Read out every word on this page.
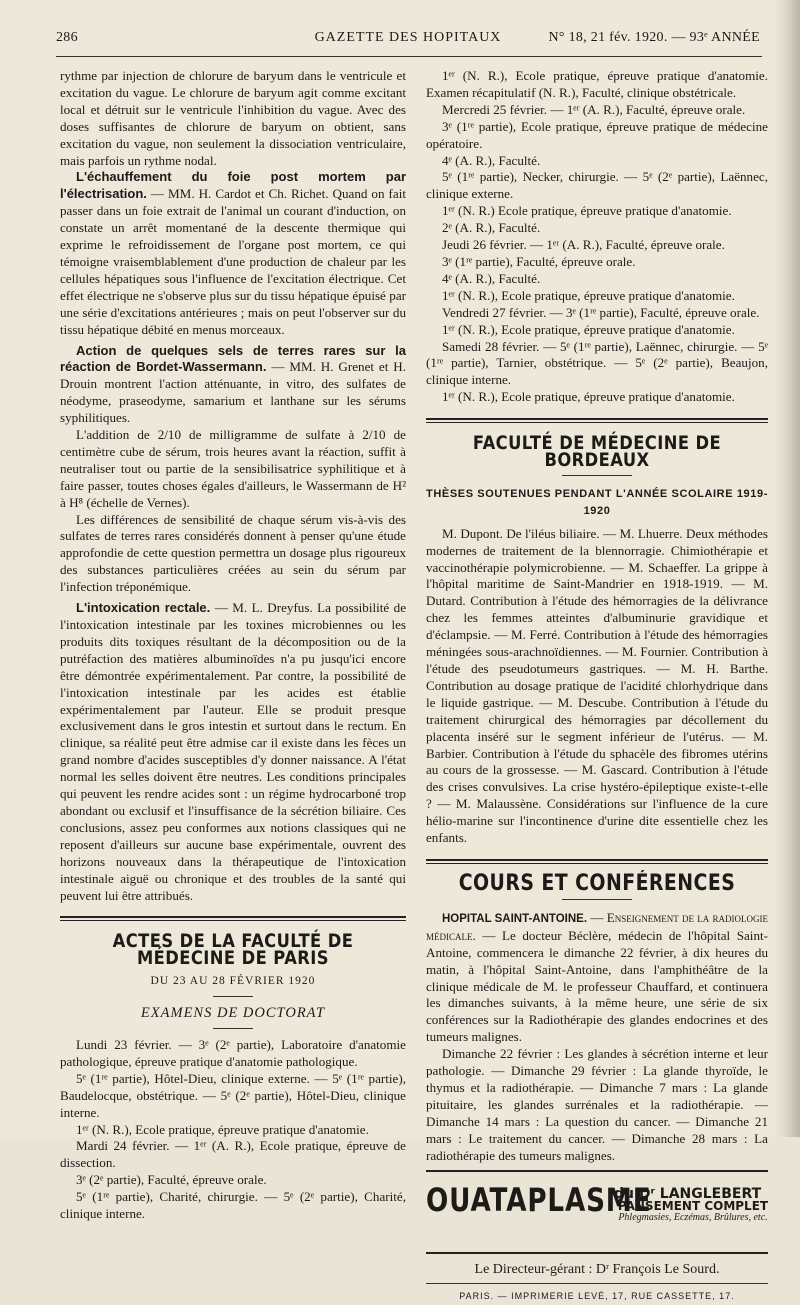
286	GAZETTE DES HOPITAUX	N° 18, 21 fév. 1920. — 93ᵉ ANNÉE

rythme par injection de chlorure de baryum dans le ventricule et excitation du vague. Le chlorure de baryum agit comme excitant local et détruit sur le ventricule l'inhibition du vague. Avec des doses suffisantes de chlorure de baryum on obtient, sans excitation du vague, non seulement la dissociation ventriculaire, mais parfois un rythme nodal.

L'échauffement du foie post mortem par l'électrisation. — MM. H. Cardot et Ch. Richet. Quand on fait passer dans un foie extrait de l'animal un courant d'induction, on constate un arrêt momentané de la descente thermique qui exprime le refroidissement de l'organe post mortem, ce qui témoigne vraisemblablement d'une production de chaleur par les cellules hépatiques sous l'influence de l'excitation électrique. Cet effet électrique ne s'observe plus sur du tissu hépatique épuisé par une série d'excitations antérieures ; mais on peut l'observer sur du tissu hépatique débité en menus morceaux.

Action de quelques sels de terres rares sur la réaction de Bordet-Wassermann. — MM. H. Grenet et H. Drouin montrent l'action atténuante, in vitro, des sulfates de néodyme, praseodyme, samarium et lanthane sur les sérums syphilitiques.

L'addition de 2/10 de milligramme de sulfate à 2/10 de centimètre cube de sérum, trois heures avant la réaction, suffit à neutraliser tout ou partie de la sensibilisatrice syphilitique et à faire passer, toutes choses égales d'ailleurs, le Wassermann de H² à H⁸ (échelle de Vernes).

Les différences de sensibilité de chaque sérum vis-à-vis des sulfates de terres rares considérés donnent à penser qu'une étude approfondie de cette question permettra un dosage plus rigoureux des substances particulières créées au sein du sérum par l'infection tréponémique.

L'intoxication rectale. — M. L. Dreyfus. La possibilité de l'intoxication intestinale par les toxines microbiennes ou les produits dits toxiques résultant de la décomposition ou de la putréfaction des matières albuminoïdes n'a pu jusqu'ici encore être démontrée expérimentalement. Par contre, la possibilité de l'intoxication intestinale par les acides est établie expérimentalement par l'auteur. Elle se produit presque exclusivement dans le gros intestin et surtout dans le rectum. En clinique, sa réalité peut être admise car il existe dans les fèces un grand nombre d'acides susceptibles d'y donner naissance. A l'état normal les selles doivent être neutres. Les conditions principales qui peuvent les rendre acides sont : un régime hydrocarboné trop abondant ou exclusif et l'insuffisance de la sécrétion biliaire. Ces conclusions, assez peu conformes aux notions classiques qui ne reposent d'ailleurs sur aucune base expérimentale, ouvrent des horizons nouveaux dans la thérapeutique de l'intoxication intestinale aiguë ou chronique et des troubles de la santé qui peuvent lui être attribués.

ACTES DE LA FACULTÉ DE MÉDECINE DE PARIS
DU 23 AU 28 FÉVRIER 1920
EXAMENS DE DOCTORAT

Lundi 23 février. — 3ᵉ (2ᵉ partie), Laboratoire d'anatomie pathologique, épreuve pratique d'anatomie pathologique.

5ᵉ (1ʳᵉ partie), Hôtel-Dieu, clinique externe. — 5ᵉ (1ʳᵉ partie), Baudelocque, obstétrique. — 5ᵉ (2ᵉ partie), Hôtel-Dieu, clinique interne.

1ᵉʳ (N. R.), Ecole pratique, épreuve pratique d'anatomie.

Mardi 24 février. — 1ᵉʳ (A. R.), Ecole pratique, épreuve de dissection.

3ᵉ (2ᵉ partie), Faculté, épreuve orale.

5ᵉ (1ʳᵉ partie), Charité, chirurgie. — 5ᵉ (2ᵉ partie), Charité, clinique interne.

1ᵉʳ (N. R.), Ecole pratique, épreuve pratique d'anatomie. Examen récapitulatif (N. R.), Faculté, clinique obstétricale.

Mercredi 25 février. — 1ᵉʳ (A. R.), Faculté, épreuve orale.

3ᵉ (1ʳᵉ partie), Ecole pratique, épreuve pratique de médecine opératoire.

4ᵉ (A. R.), Faculté.

5ᵉ (1ʳᵉ partie), Necker, chirurgie. — 5ᵉ (2ᵉ partie), Laënnec, clinique externe.

1ᵉʳ (N. R.) Ecole pratique, épreuve pratique d'anatomie.

2ᵉ (A. R.), Faculté.

Jeudi 26 février. — 1ᵉʳ (A. R.), Faculté, épreuve orale.

3ᵉ (1ʳᵉ partie), Faculté, épreuve orale.

4ᵉ (A. R.), Faculté.

1ᵉʳ (N. R.), Ecole pratique, épreuve pratique d'anatomie.

Vendredi 27 février. — 3ᵉ (1ʳᵉ partie), Faculté, épreuve orale.

1ᵉʳ (N. R.), Ecole pratique, épreuve pratique d'anatomie.

Samedi 28 février. — 5ᵉ (1ʳᵉ partie), Laënnec, chirurgie. — 5ᵉ (1ʳᵉ partie), Tarnier, obstétrique. — 5ᵉ (2ᵉ partie), Beaujon, clinique interne.

1ᵉʳ (N. R.), Ecole pratique, épreuve pratique d'anatomie.

FACULTÉ DE MÉDECINE DE BORDEAUX
THÈSES SOUTENUES PENDANT L'ANNÉE SCOLAIRE 1919-1920

M. Dupont. De l'iléus biliaire. — M. Lhuerre. Deux méthodes modernes de traitement de la blennorragie. Chimiothérapie et vaccinothérapie polymicrobienne. — M. Schaeffer. La grippe à l'hôpital maritime de Saint-Mandrier en 1918-1919. — M. Dutard. Contribution à l'étude des hémorragies de la délivrance chez les femmes atteintes d'albuminurie gravidique et d'éclampsie. — M. Ferré. Contribution à l'étude des hémorragies méningées sous-arachnoïdiennes. — M. Fournier. Contribution à l'étude des pseudotumeurs gastriques. — M. H. Barthe. Contribution au dosage pratique de l'acidité chlorhydrique dans le liquide gastrique. — M. Descube. Contribution à l'étude du traitement chirurgical des hémorragies par décollement du placenta inséré sur le segment inférieur de l'utérus. — M. Barbier. Contribution à l'étude du sphacèle des fibromes utérins au cours de la grossesse. — M. Gascard. Contribution à l'étude des crises convulsives. La crise hystéro-épileptique existe-t-elle ? — M. Malaussène. Considérations sur l'influence de la cure hélio-marine sur l'incontinence d'urine dite essentielle chez les enfants.

COURS ET CONFÉRENCES

HOPITAL SAINT-ANTOINE. — Enseignement de la radiologie médicale. — Le docteur Béclère, médecin de l'hôpital Saint-Antoine, commencera le dimanche 22 février, à dix heures du matin, à l'hôpital Saint-Antoine, dans l'amphithéâtre de la clinique médicale de M. le professeur Chauffard, et continuera les dimanches suivants, à la même heure, une série de six conférences sur la Radiothérapie des glandes endocrines et des tumeurs malignes.

Dimanche 22 février : Les glandes à sécrétion interne et leur pathologie. — Dimanche 29 février : La glande thyroïde, le thymus et la radiothérapie. — Dimanche 7 mars : La glande pituitaire, les glandes surrénales et la radiothérapie. — Dimanche 14 mars : La question du cancer. — Dimanche 21 mars : Le traitement du cancer. — Dimanche 28 mars : La radiothérapie des tumeurs malignes.

OUATAPLASME
du Dʳ LANGLEBERT
PANSEMENT COMPLET
Phlegmasies, Eczémas, Brûlures, etc.
Le Directeur-gérant : Dʳ François Le Sourd.
PARIS. — IMPRIMERIE LEVÉ, 17, RUE CASSETTE, 17.
